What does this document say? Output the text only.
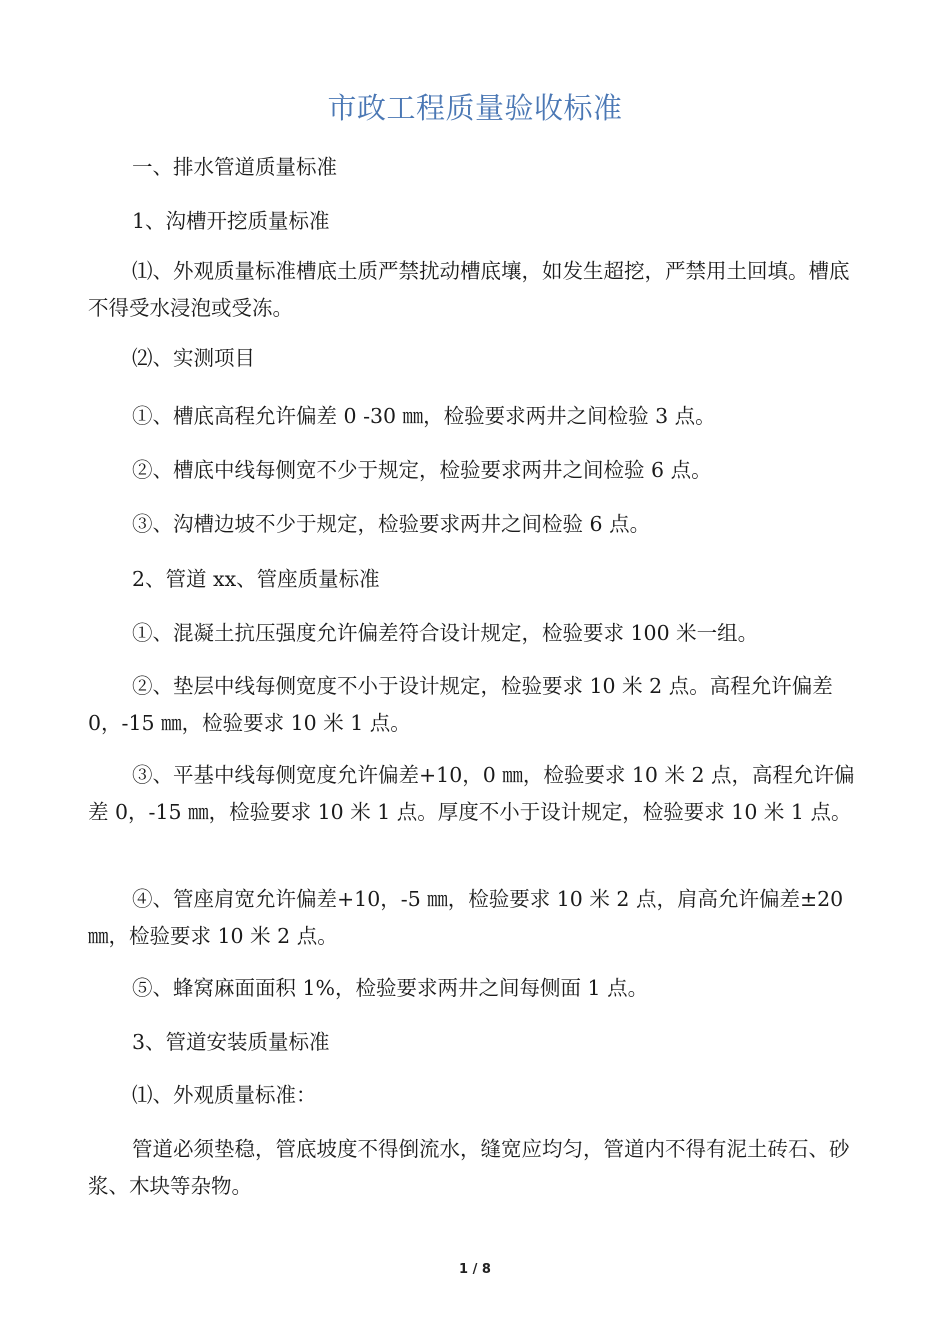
市政工程质量验收标准
一、排水管道质量标准
1、沟槽开挖质量标准
⑴、外观质量标准槽底土质严禁扰动槽底壤，如发生超挖，严禁用土回填。槽底不得受水浸泡或受冻。
⑵、实测项目
①、槽底高程允许偏差 0 -30 ㎜，检验要求两井之间检验 3 点。
②、槽底中线每侧宽不少于规定，检验要求两井之间检验 6 点。
③、沟槽边坡不少于规定，检验要求两井之间检验 6 点。
2、管道 xx、管座质量标准
①、混凝土抗压强度允许偏差符合设计规定，检验要求 100 米一组。
②、垫层中线每侧宽度不小于设计规定，检验要求 10 米 2 点。高程允许偏差 0，-15 ㎜，检验要求 10 米 1 点。
③、平基中线每侧宽度允许偏差+10，0 ㎜，检验要求 10 米 2 点，高程允许偏差 0，-15 ㎜，检验要求 10 米 1 点。厚度不小于设计规定，检验要求 10 米 1 点。
④、管座肩宽允许偏差+10，-5 ㎜，检验要求 10 米 2 点，肩高允许偏差±20 ㎜，检验要求 10 米 2 点。
⑤、蜂窝麻面面积 1%，检验要求两井之间每侧面 1 点。
3、管道安装质量标准
⑴、外观质量标准：
管道必须垫稳，管底坡度不得倒流水，缝宽应均匀，管道内不得有泥土砖石、砂浆、木块等杂物。
1 / 8
